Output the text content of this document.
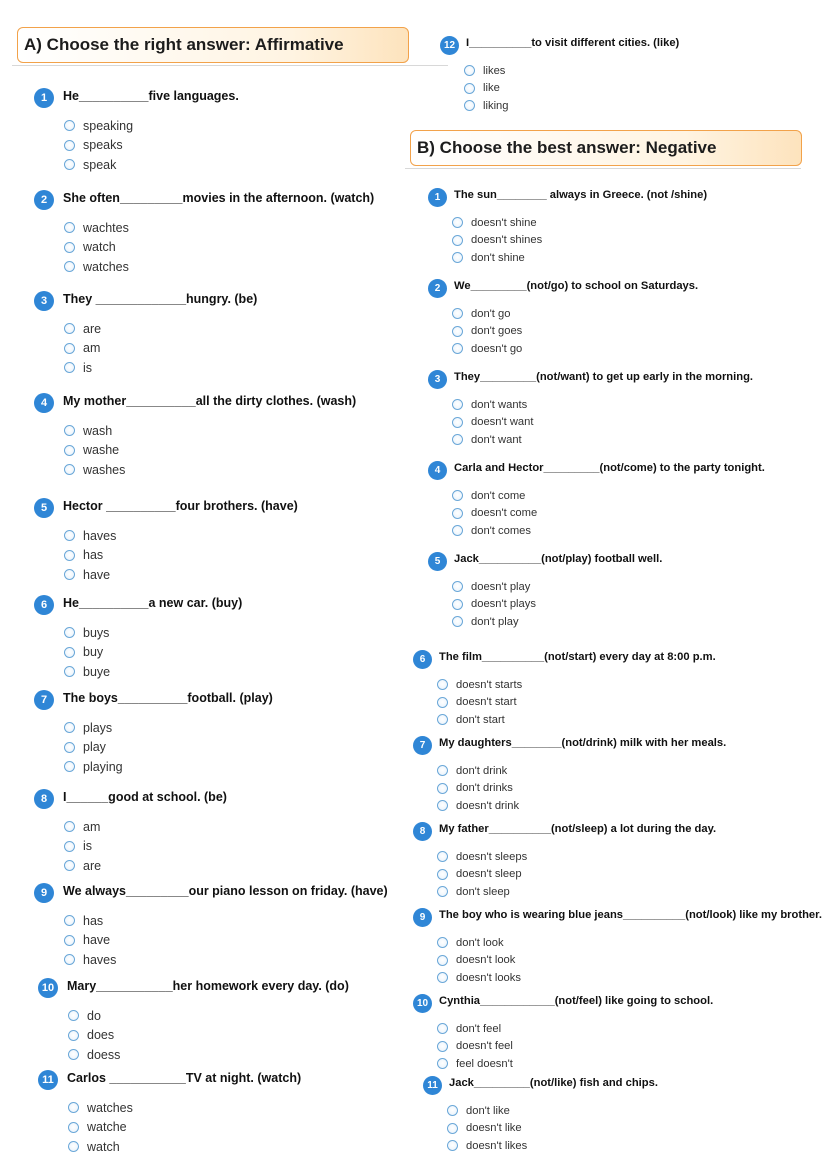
A) Choose the right answer: Affirmative
B) Choose the best answer: Negative
1	He__________five languages.
speaking
speaks
speak
2	She often_________movies in the afternoon. (watch)
wachtes
watch
watches
3	They _____________hungry. (be)
are
am
is
4	My mother__________all the dirty clothes. (wash)
wash
washe
washes
5	Hector __________four brothers. (have)
haves
has
have
6	He__________a new car. (buy)
buys
buy
buye
7	The boys__________football. (play)
plays
play
playing
8	I______good at school. (be)
am
is
are
9	We always_________our piano lesson on friday. (have)
has
have
haves
10	Mary___________her homework every day. (do)
do
does
doess
11	Carlos ___________TV at night. (watch)
watches
watche
watch
12 I__________to visit different cities. (like)
likes
like
liking
1	The sun________ always in Greece. (not /shine)
doesn't shine
doesn't shines
don't shine
2	We_________(not/go) to school on Saturdays.
don't go
don't goes
doesn't go
3	They_________(not/want) to get up early in the morning.
don't wants
doesn't want
don't want
4	Carla and Hector_________(not/come) to the party tonight.
don't come
doesn't come
don't comes
5	Jack__________(not/play) football well.
doesn't play
doesn't plays
don't play
6	The film__________(not/start) every day at 8:00 p.m.
doesn't starts
doesn't start
don't start
7	My daughters________(not/drink) milk with her meals.
don't drink
don't drinks
doesn't drink
8	My father__________(not/sleep) a lot during the day.
doesn't sleeps
doesn't sleep
don't sleep
9	The boy who is wearing blue jeans__________(not/look) like my brother.
don't look
doesn't look
doesn't looks
10 Cynthia____________(not/feel) like going to school.
don't feel
doesn't feel
feel doesn't
11	Jack_________(not/like) fish and chips.
don't like
doesn't like
doesn't likes
